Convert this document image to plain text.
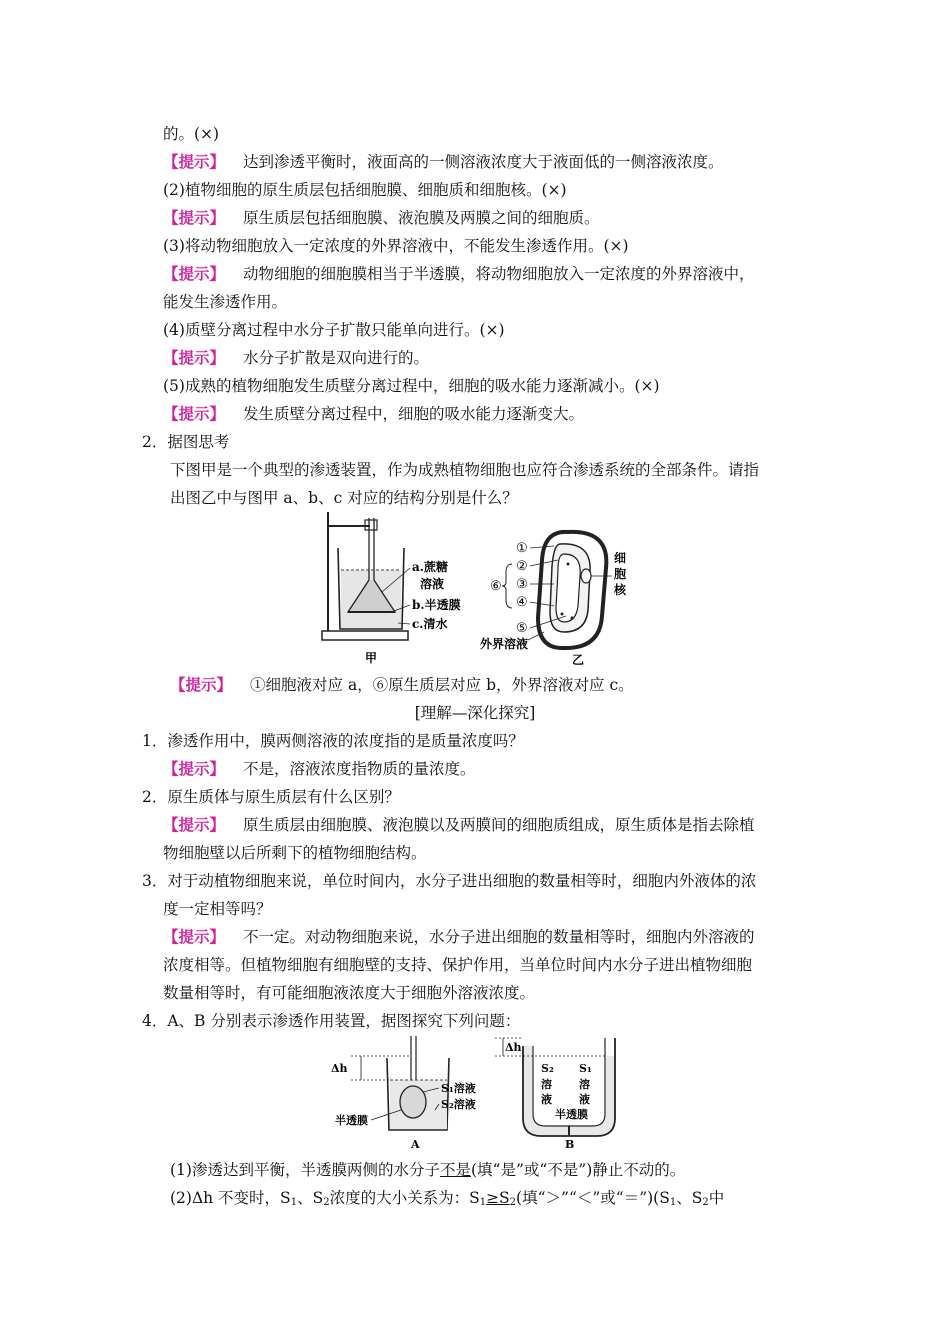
的。(×)
【提示】 达到渗透平衡时，液面高的一侧溶液浓度大于液面低的一侧溶液浓度。
(2)植物细胞的原生质层包括细胞膜、细胞质和细胞核。(×)
【提示】 原生质层包括细胞膜、液泡膜及两膜之间的细胞质。
(3)将动物细胞放入一定浓度的外界溶液中，不能发生渗透作用。(×)
【提示】 动物细胞的细胞膜相当于半透膜，将动物细胞放入一定浓度的外界溶液中，
能发生渗透作用。
(4)质壁分离过程中水分子扩散只能单向进行。(×)
【提示】 水分子扩散是双向进行的。
(5)成熟的植物细胞发生质壁分离过程中，细胞的吸水能力逐渐减小。(×)
【提示】 发生质壁分离过程中，细胞的吸水能力逐渐变大。
2．据图思考
下图甲是一个典型的渗透装置，作为成熟植物细胞也应符合渗透系统的全部条件。请指
出图乙中与图甲 a、b、c 对应的结构分别是什么？
a.蔗糖
溶液
b.半透膜
c.清水
甲
①
②
③
④
⑤
⑥
细
胞
核
外界溶液
乙
【提示】 ①细胞液对应 a，⑥原生质层对应 b，外界溶液对应 c。
[理解—深化探究]
1．渗透作用中，膜两侧溶液的浓度指的是质量浓度吗？
【提示】 不是，溶液浓度指物质的量浓度。
2．原生质体与原生质层有什么区别？
【提示】 原生质层由细胞膜、液泡膜以及两膜间的细胞质组成，原生质体是指去除植
物细胞壁以后所剩下的植物细胞结构。
3．对于动植物细胞来说，单位时间内，水分子进出细胞的数量相等时，细胞内外液体的浓
度一定相等吗？
【提示】 不一定。对动物细胞来说，水分子进出细胞的数量相等时，细胞内外溶液的
浓度相等。但植物细胞有细胞壁的支持、保护作用，当单位时间内水分子进出植物细胞
数量相等时，有可能细胞液浓度大于细胞外溶液浓度。
4．A、B 分别表示渗透作用装置，据图探究下列问题：
Δh
S₁溶液
S₂溶液
半透膜
A
Δh
S₂
溶
液
S₁
溶
液
半透膜
B
(1)渗透达到平衡，半透膜两侧的水分子不是(填“是”或“不是”)静止不动的。
(2)Δh 不变时，$S_1$、$S_2$浓度的大小关系为：$S_1\ge S_2$(填“＞”“＜”或“$=”)(S_1$、$S_2$中
